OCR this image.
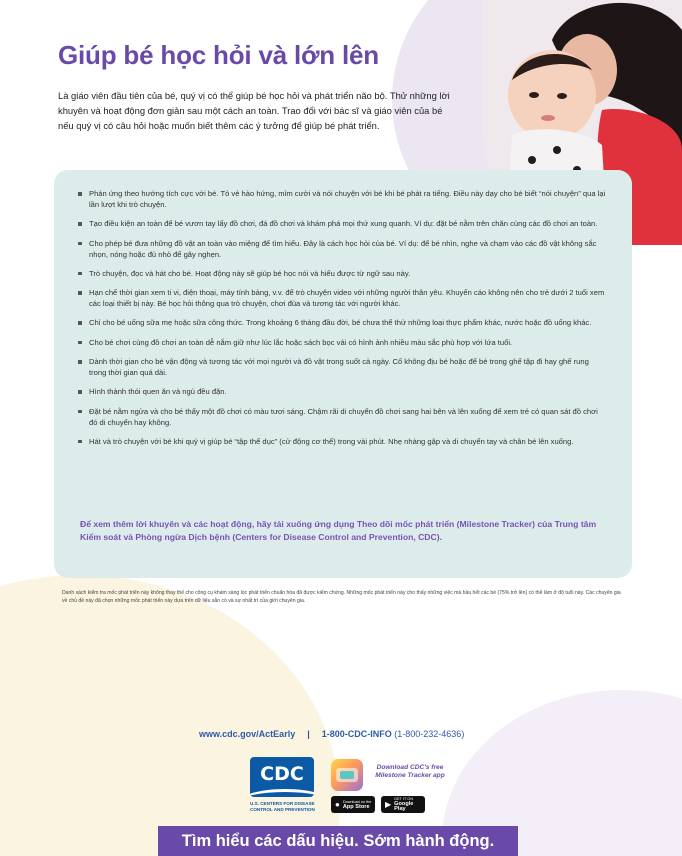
Giúp bé học hỏi và lớn lên

Là giáo viên đầu tiên của bé, quý vị có thể giúp bé học hỏi và phát triển não bộ. Thử những lời khuyên và hoạt động đơn giản sau một cách an toàn. Trao đổi với bác sĩ và giáo viên của bé nếu quý vị có câu hỏi hoặc muốn biết thêm các ý tưởng để giúp bé phát triển.

Phản ứng theo hướng tích cực với bé. Tỏ vẻ hào hứng, mỉm cười và nói chuyện với bé khi bé phát ra tiếng. Điều này dạy cho bé biết “nói chuyện” qua lại lần lượt khi trò chuyện.
Tạo điều kiện an toàn để bé vươn tay lấy đồ chơi, đá đồ chơi và khám phá mọi thứ xung quanh. Ví dụ: đặt bé nằm trên chăn cùng các đồ chơi an toàn.
Cho phép bé đưa những đồ vật an toàn vào miệng để tìm hiểu. Đây là cách học hỏi của bé. Ví dụ: để bé nhìn, nghe và chạm vào các đồ vật không sắc nhọn, nóng hoặc đủ nhỏ để gây nghẹn.
Trò chuyện, đọc và hát cho bé. Hoạt động này sẽ giúp bé học nói và hiểu được từ ngữ sau này.
Hạn chế thời gian xem ti vi, điện thoại, máy tính bảng, v.v. để trò chuyện video với những người thân yêu. Khuyến cáo không nên cho trẻ dưới 2 tuổi xem các loại thiết bị này. Bé học hỏi thông qua trò chuyện, chơi đùa và tương tác với người khác.
Chỉ cho bé uống sữa mẹ hoặc sữa công thức. Trong khoảng 6 tháng đầu đời, bé chưa thể thử những loại thực phẩm khác, nước hoặc đồ uống khác.
Cho bé chơi cùng đồ chơi an toàn dễ nắm giữ như lúc lắc hoặc sách bọc vải có hình ảnh nhiều màu sắc phù hợp với lứa tuổi.
Dành thời gian cho bé vận động và tương tác với mọi người và đồ vật trong suốt cả ngày. Cố không địu bé hoặc để bé trong ghế tập đi hay ghế rung trong thời gian quá dài.
Hình thành thói quen ăn và ngủ đều đặn.
Đặt bé nằm ngửa và cho bé thấy một đồ chơi có màu tươi sáng. Chậm rãi di chuyển đồ chơi sang hai bên và lên xuống để xem trẻ có quan sát đồ chơi đó di chuyển hay không.
Hát và trò chuyện với bé khi quý vị giúp bé “tập thể dục” (cử động cơ thể) trong vài phút. Nhẹ nhàng gập và di chuyển tay và chân bé lên xuống.

Để xem thêm lời khuyên và các hoạt động, hãy tải xuống ứng dụng Theo dõi mốc phát triển (Milestone Tracker) của Trung tâm Kiểm soát và Phòng ngừa Dịch bệnh (Centers for Disease Control and Prevention, CDC).

Danh sách kiểm tra mốc phát triển này không thay thế cho công cụ khám sàng lọc phát triển chuẩn hóa đã được kiểm chứng. Những mốc phát triển này cho thấy những việc mà hầu hết các bé (75% trở lên) có thể làm ở độ tuổi này. Các chuyên gia về chủ đề này đã chọn những mốc phát triển này dựa trên dữ liệu sẵn có và sự nhất trí của giới chuyên gia.

www.cdc.gov/ActEarly | 1-800-CDC-INFO (1-800-232-4636)
CDC
U.S. CENTERS FOR DISEASE CONTROL AND PREVENTION
Download CDC's free Milestone Tracker app
● Download on the
App Store ▶
GET IT ON
Google Play
Tìm hiểu các dấu hiệu. Sớm hành động.
